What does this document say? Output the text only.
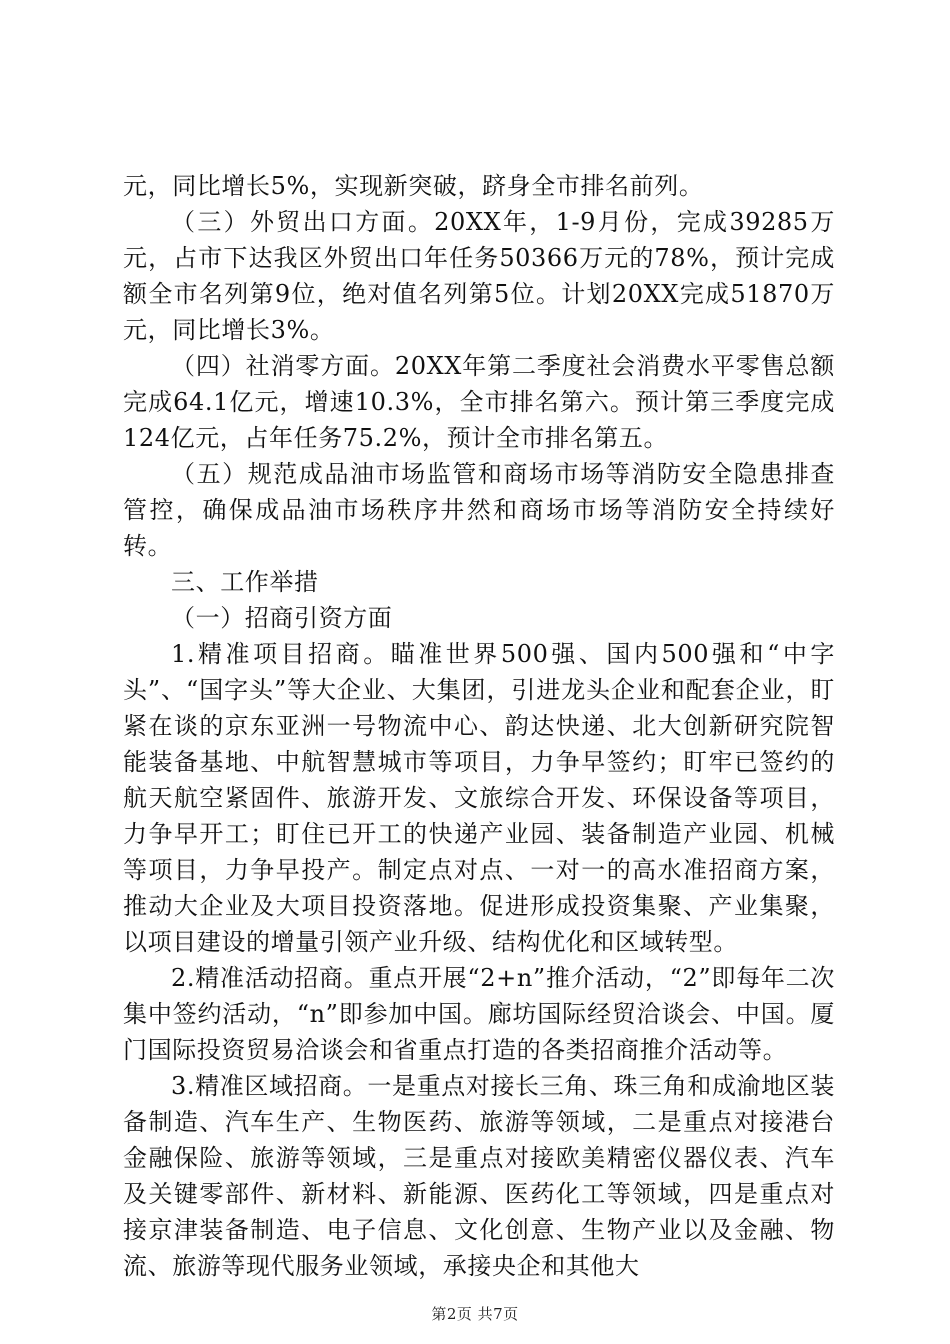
元，同比增长5%，实现新突破，跻身全市排名前列。

（三）外贸出口方面。20XX年，1-9月份，完成39285万元，占市下达我区外贸出口年任务50366万元的78%，预计完成额全市名列第9位，绝对值名列第5位。计划20XX完成51870万元，同比增长3%。

（四）社消零方面。20XX年第二季度社会消费水平零售总额完成64.1亿元，增速10.3%，全市排名第六。预计第三季度完成124亿元，占年任务75.2%，预计全市排名第五。

（五）规范成品油市场监管和商场市场等消防安全隐患排查管控，确保成品油市场秩序井然和商场市场等消防安全持续好转。

三、工作举措

（一）招商引资方面

1.精准项目招商。瞄准世界500强、国内500强和“中字头”、“国字头”等大企业、大集团，引进龙头企业和配套企业，盯紧在谈的京东亚洲一号物流中心、韵达快递、北大创新研究院智能装备基地、中航智慧城市等项目，力争早签约；盯牢已签约的航天航空紧固件、旅游开发、文旅综合开发、环保设备等项目，力争早开工；盯住已开工的快递产业园、装备制造产业园、机械等项目，力争早投产。制定点对点、一对一的高水准招商方案，推动大企业及大项目投资落地。促进形成投资集聚、产业集聚，以项目建设的增量引领产业升级、结构优化和区域转型。

2.精准活动招商。重点开展“2+n”推介活动，“2”即每年二次集中签约活动，“n”即参加中国。廊坊国际经贸洽谈会、中国。厦门国际投资贸易洽谈会和省重点打造的各类招商推介活动等。

3.精准区域招商。一是重点对接长三角、珠三角和成渝地区装备制造、汽车生产、生物医药、旅游等领域，二是重点对接港台金融保险、旅游等领域，三是重点对接欧美精密仪器仪表、汽车及关键零部件、新材料、新能源、医药化工等领域，四是重点对接京津装备制造、电子信息、文化创意、生物产业以及金融、物流、旅游等现代服务业领域，承接央企和其他大

第2页 共7页
